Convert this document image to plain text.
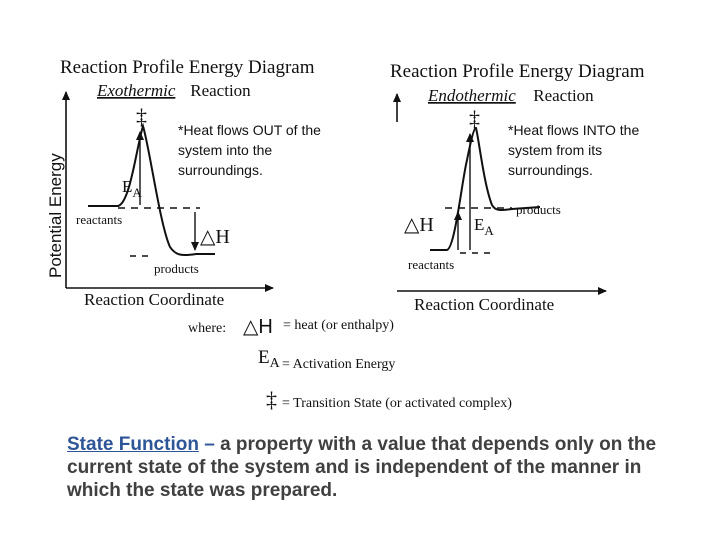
Reaction Profile Energy Diagram
Exothermic Reaction
Potential Energy
Reaction Coordinate
‡
$E_A$
△H
reactants
products
*Heat flows OUT of the
system into the
surroundings.
Reaction Profile Energy Diagram
Endothermic Reaction
Reaction Coordinate
‡
$E_A$
△H
products
reactants
*Heat flows INTO the
system from its
surroundings.
where: △H = heat (or enthalpy)
$E_A$ = Activation Energy
‡ = Transition State (or activated complex)
State Function – a property with a value that depends only on the current state of the system and is independent of the manner in which the state was prepared.
